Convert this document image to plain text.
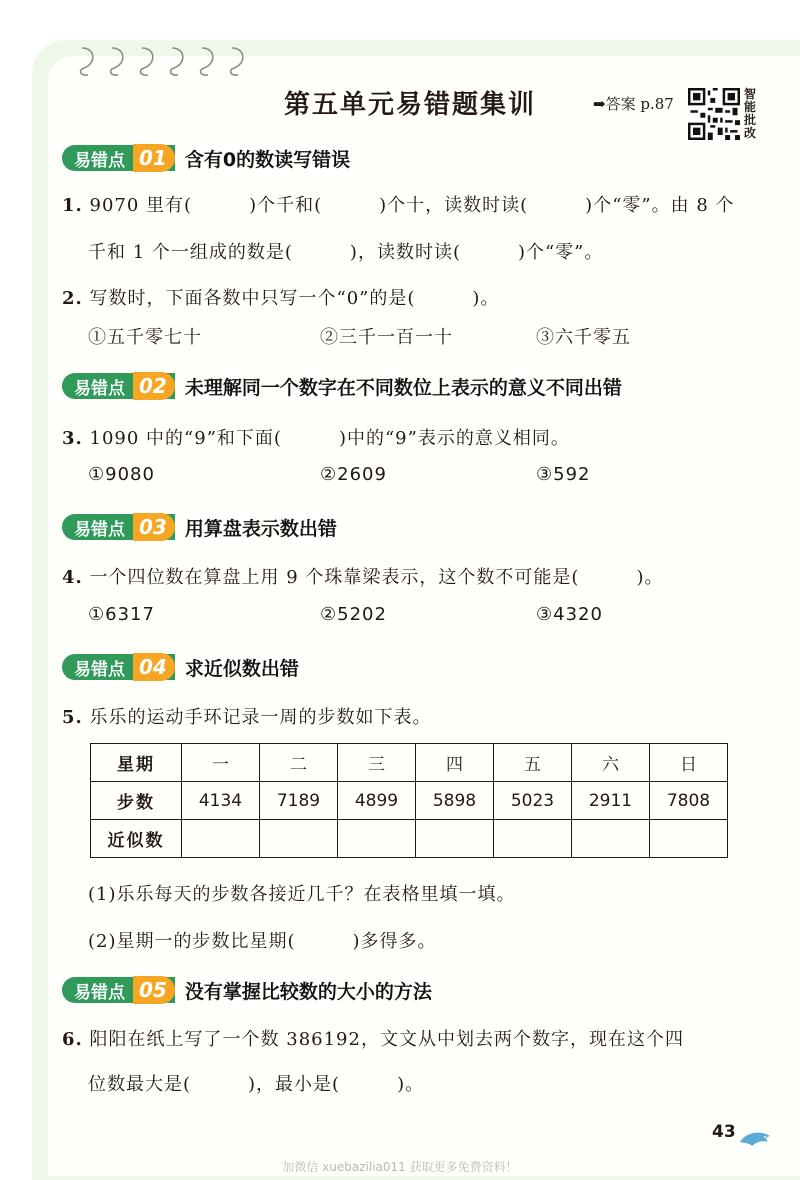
第五单元易错题集训	➡答案 p.87
智
能
批
改
易错点 01 含有0的数读写错误
1. 9070 里有(　　　)个千和(　　　)个十，读数时读(　　　)个“零”。由 8 个
千和 1 个一组成的数是(　　　)，读数时读(　　　)个“零”。
2. 写数时，下面各数中只写一个“0”的是(　　　)。
①五千零七十	②三千一百一十	③六千零五
易错点 02 未理解同一个数字在不同数位上表示的意义不同出错
3. 1090 中的“9”和下面(　　　)中的“9”表示的意义相同。
①9080	②2609	③592
易错点 03 用算盘表示数出错
4. 一个四位数在算盘上用 9 个珠靠梁表示，这个数不可能是(　　　)。
①6317	②5202	③4320
易错点 04 求近似数出错
5. 乐乐的运动手环记录一周的步数如下表。
星期	一	二	三	四	五	六	日
步数	4134	7189	4899	5898	5023	2911	7808
近似数							
(1)乐乐每天的步数各接近几千？在表格里填一填。
(2)星期一的步数比星期(　　　)多得多。
易错点 05 没有掌握比较数的大小的方法
6. 阳阳在纸上写了一个数 386192，文文从中划去两个数字，现在这个四
位数最大是(　　　)，最小是(　　　)。
43
加微信 xuebazilia011 获取更多免费资料！
